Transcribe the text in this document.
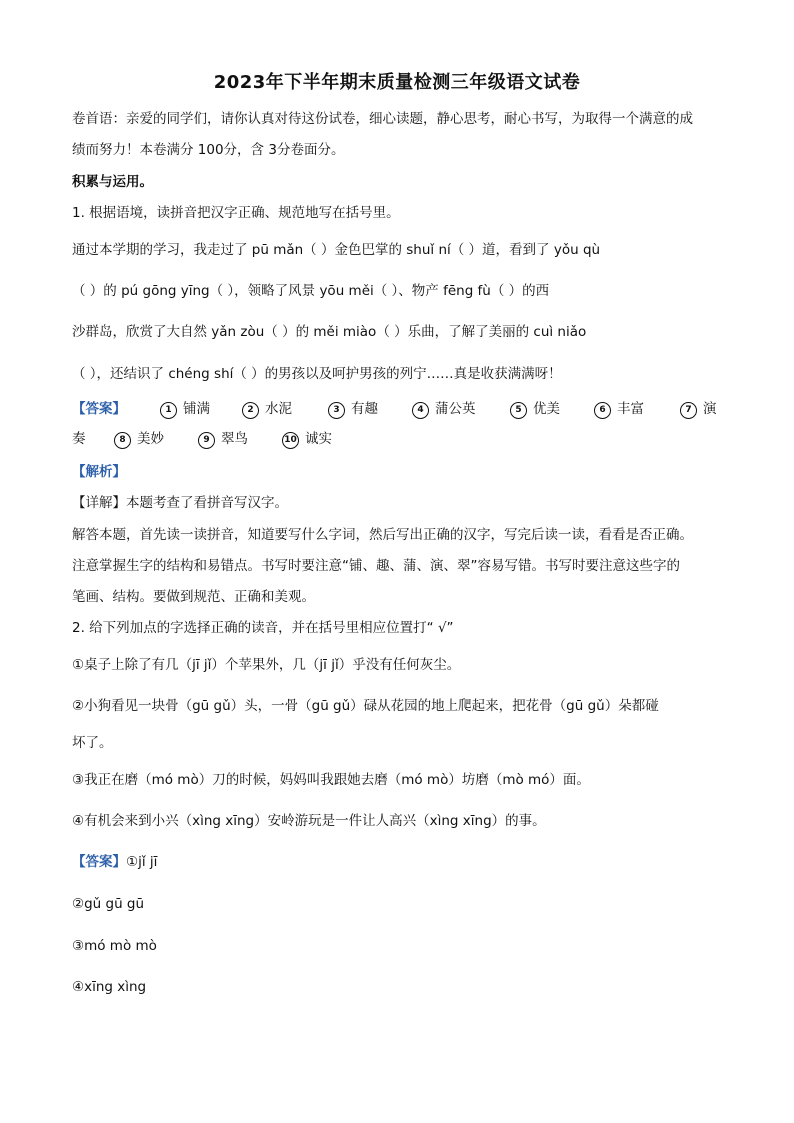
2023年下半年期末质量检测三年级语文试卷
卷首语：亲爱的同学们，请你认真对待这份试卷，细心读题，静心思考，耐心书写，为取得一个满意的成
绩而努力！本卷满分 100分，含 3分卷面分。
积累与运用。
1. 根据语境，读拼音把汉字正确、规范地写在括号里。
通过本学期的学习，我走过了 pū mǎn（ ）金色巴掌的 shuǐ ní（ ）道，看到了 yǒu qù
（ ）的 pú gōng yīng（ ），领略了风景 yōu měi（ ）、物产 fēng fù（ ）的西
沙群岛，欣赏了大自然 yǎn zòu（ ）的 měi miào（ ）乐曲，了解了美丽的 cuì niǎo
（ ），还结识了 chéng shí（ ）的男孩以及呵护男孩的列宁……真是收获满满呀！
【答案】	1 铺满	2 水泥	3 有趣	4 蒲公英	5 优美	6 丰富	7 演
奏	8 美妙	9 翠鸟	10 诚实
【解析】
【详解】本题考查了看拼音写汉字。
解答本题，首先读一读拼音，知道要写什么字词，然后写出正确的汉字，写完后读一读，看看是否正确。
注意掌握生字的结构和易错点。书写时要注意“铺、趣、蒲、演、翠”容易写错。书写时要注意这些字的
笔画、结构。要做到规范、正确和美观。
2. 给下列加点的字选择正确的读音，并在括号里相应位置打“ √”
①桌子上除了有几（jī jǐ）个苹果外，几（jī jǐ）乎没有任何灰尘。
②小狗看见一块骨（gū gǔ）头，一骨（gū gǔ）碌从花园的地上爬起来，把花骨（gū gǔ）朵都碰
坏了。
③我正在磨（mó mò）刀的时候，妈妈叫我跟她去磨（mó mò）坊磨（mò mó）面。
④有机会来到小兴（xìng xīng）安岭游玩是一件让人高兴（xìng xīng）的事。
【答案】①jǐ jī
②gǔ gū gū
③mó mò mò
④xīng xìng
